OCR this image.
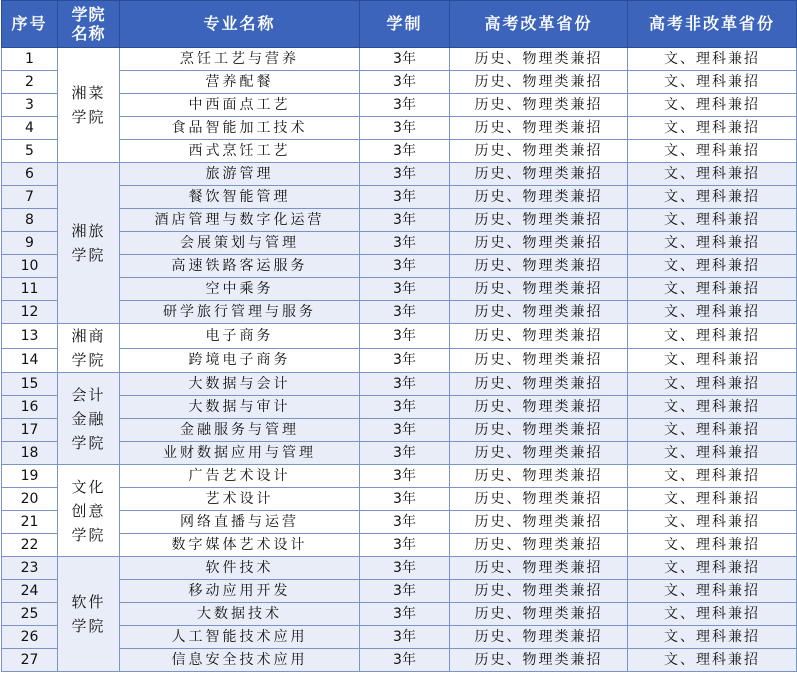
序号	学院名称	专业名称	学制	高考改革省份	高考非改革省份
1	湘菜学院	烹饪工艺与营养	3年	历史、物理类兼招	文、理科兼招
2		营养配餐	3年	历史、物理类兼招	文、理科兼招
3		中西面点工艺	3年	历史、物理类兼招	文、理科兼招
4		食品智能加工技术	3年	历史、物理类兼招	文、理科兼招
5		西式烹饪工艺	3年	历史、物理类兼招	文、理科兼招
6	湘旅学院	旅游管理	3年	历史、物理类兼招	文、理科兼招
7		餐饮智能管理	3年	历史、物理类兼招	文、理科兼招
8		酒店管理与数字化运营	3年	历史、物理类兼招	文、理科兼招
9		会展策划与管理	3年	历史、物理类兼招	文、理科兼招
10		高速铁路客运服务	3年	历史、物理类兼招	文、理科兼招
11		空中乘务	3年	历史、物理类兼招	文、理科兼招
12		研学旅行管理与服务	3年	历史、物理类兼招	文、理科兼招
13	湘商学院	电子商务	3年	历史、物理类兼招	文、理科兼招
14		跨境电子商务	3年	历史、物理类兼招	文、理科兼招
15	会计金融学院	大数据与会计	3年	历史、物理类兼招	文、理科兼招
16		大数据与审计	3年	历史、物理类兼招	文、理科兼招
17		金融服务与管理	3年	历史、物理类兼招	文、理科兼招
18		业财数据应用与管理	3年	历史、物理类兼招	文、理科兼招
19	文化创意学院	广告艺术设计	3年	历史、物理类兼招	文、理科兼招
20		艺术设计	3年	历史、物理类兼招	文、理科兼招
21		网络直播与运营	3年	历史、物理类兼招	文、理科兼招
22		数字媒体艺术设计	3年	历史、物理类兼招	文、理科兼招
23	软件学院	软件技术	3年	历史、物理类兼招	文、理科兼招
24		移动应用开发	3年	历史、物理类兼招	文、理科兼招
25		大数据技术	3年	历史、物理类兼招	文、理科兼招
26		人工智能技术应用	3年	历史、物理类兼招	文、理科兼招
27		信息安全技术应用	3年	历史、物理类兼招	文、理科兼招
